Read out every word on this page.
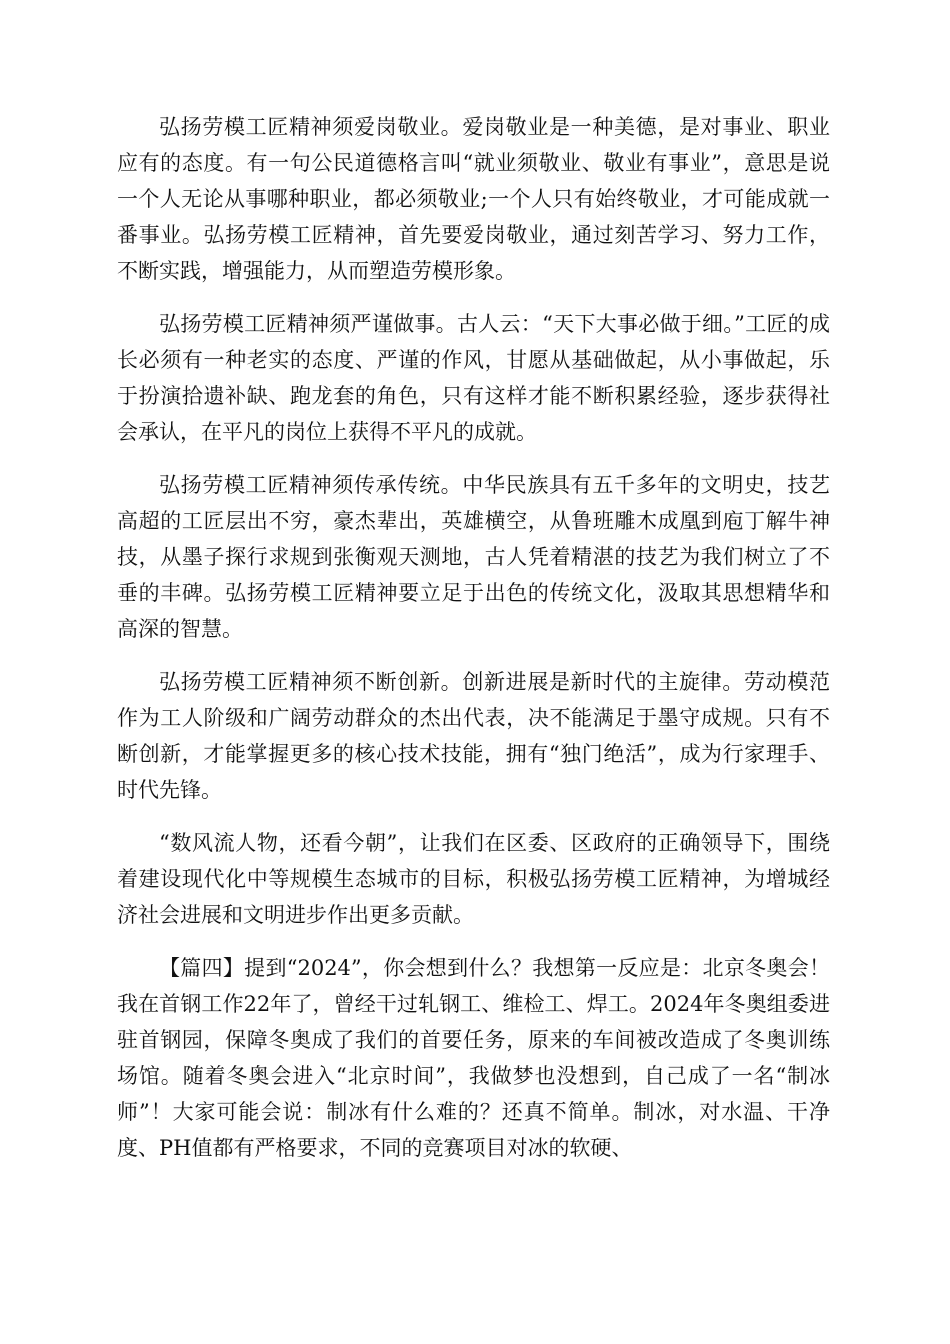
弘扬劳模工匠精神须爱岗敬业。爱岗敬业是一种美德，是对事业、职业应有的态度。有一句公民道德格言叫“就业须敬业、敬业有事业”，意思是说一个人无论从事哪种职业，都必须敬业;一个人只有始终敬业，才可能成就一番事业。弘扬劳模工匠精神，首先要爱岗敬业，通过刻苦学习、努力工作，不断实践，增强能力，从而塑造劳模形象。

弘扬劳模工匠精神须严谨做事。古人云：“天下大事必做于细。”工匠的成长必须有一种老实的态度、严谨的作风，甘愿从基础做起，从小事做起，乐于扮演拾遗补缺、跑龙套的角色，只有这样才能不断积累经验，逐步获得社会承认，在平凡的岗位上获得不平凡的成就。

弘扬劳模工匠精神须传承传统。中华民族具有五千多年的文明史，技艺高超的工匠层出不穷，豪杰辈出，英雄横空，从鲁班雕木成凰到庖丁解牛神技，从墨子探行求规到张衡观天测地，古人凭着精湛的技艺为我们树立了不垂的丰碑。弘扬劳模工匠精神要立足于出色的传统文化，汲取其思想精华和高深的智慧。

弘扬劳模工匠精神须不断创新。创新进展是新时代的主旋律。劳动模范作为工人阶级和广阔劳动群众的杰出代表，决不能满足于墨守成规。只有不断创新，才能掌握更多的核心技术技能，拥有“独门绝活”，成为行家理手、时代先锋。

“数风流人物，还看今朝”，让我们在区委、区政府的正确领导下，围绕着建设现代化中等规模生态城市的目标，积极弘扬劳模工匠精神，为增城经济社会进展和文明进步作出更多贡献。

【篇四】提到“2024”，你会想到什么？我想第一反应是：北京冬奥会！我在首钢工作22年了，曾经干过轧钢工、维检工、焊工。2024年冬奥组委进驻首钢园，保障冬奥成了我们的首要任务，原来的车间被改造成了冬奥训练场馆。随着冬奥会进入“北京时间”，我做梦也没想到，自己成了一名“制冰师”！大家可能会说：制冰有什么难的？还真不简单。制冰，对水温、干净度、PH值都有严格要求，不同的竞赛项目对冰的软硬、
